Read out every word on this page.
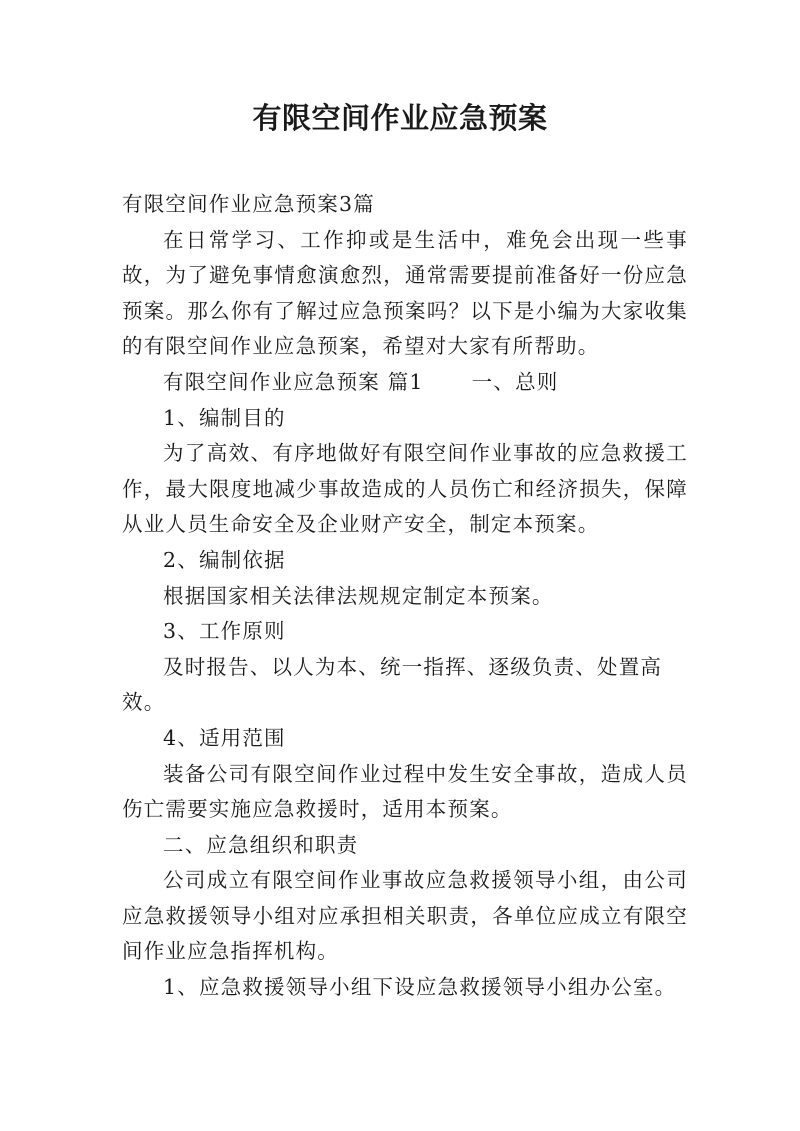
有限空间作业应急预案

有限空间作业应急预案3篇

在日常学习、工作抑或是生活中，难免会出现一些事故，为了避免事情愈演愈烈，通常需要提前准备好一份应急预案。那么你有了解过应急预案吗？以下是小编为大家收集的有限空间作业应急预案，希望对大家有所帮助。

有限空间作业应急预案 篇1 一、总则

1、编制目的

为了高效、有序地做好有限空间作业事故的应急救援工作，最大限度地减少事故造成的人员伤亡和经济损失，保障从业人员生命安全及企业财产安全，制定本预案。

2、编制依据

根据国家相关法律法规规定制定本预案。

3、工作原则

及时报告、以人为本、统一指挥、逐级负责、处置高效。

4、适用范围

装备公司有限空间作业过程中发生安全事故，造成人员伤亡需要实施应急救援时，适用本预案。

二、应急组织和职责

公司成立有限空间作业事故应急救援领导小组，由公司应急救援领导小组对应承担相关职责，各单位应成立有限空间作业应急指挥机构。

1、应急救援领导小组下设应急救援领导小组办公室。
